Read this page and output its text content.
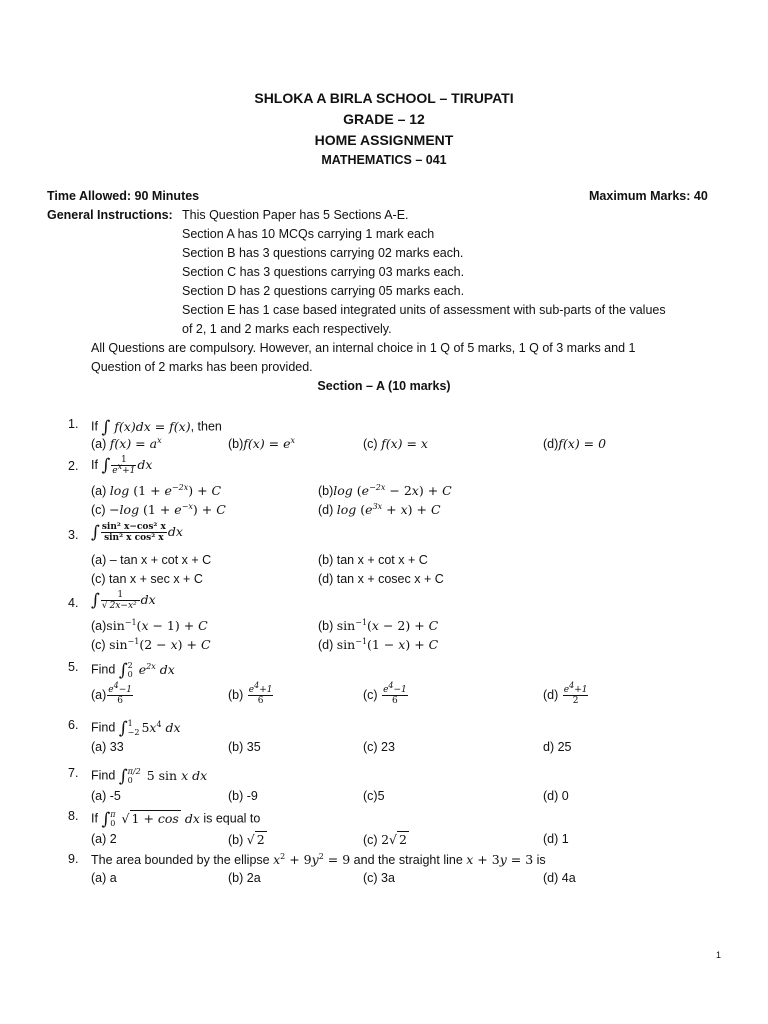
SHLOKA A BIRLA SCHOOL – TIRUPATI
GRADE – 12
HOME ASSIGNMENT
MATHEMATICS – 041
Time Allowed: 90 Minutes	Maximum Marks: 40
General Instructions: This Question Paper has 5 Sections A-E.
Section A has 10 MCQs carrying 1 mark each
Section B has 3 questions carrying 02 marks each.
Section C has 3 questions carrying 03 marks each.
Section D has 2 questions carrying 05 marks each.
Section E has 1 case based integrated units of assessment with sub-parts of the values
of 2, 1 and 2 marks each respectively.
All Questions are compulsory. However, an internal choice in 1 Q of 5 marks, 1 Q of 3 marks and 1
Question of 2 marks has been provided.
Section – A (10 marks)
1. If ∫ f(x)dx = f(x), then
(a) $f(x) = a^x$	$(b)f(x) = e^x$	(c) f(x) = x	(d)f(x) = 0
2. If ∫ $\frac{1}{e^x+1}$ dx
(a) $\log (1 + e^{-2x}) + C$	(b)log $(e^{-2x} - 2x) + C$
(c) −log $(1 + e^{-x}) + C$	(d) $\log (e^{3x} + x) + C$
3. ∫ $\frac{\text{sin² x−cos² x}}{\text{sin² x cos² x}}$ dx
(a) – tan x + cot x + C	(b) tan x + cot x + C
(c) tan x + sec x + C	(d) tan x + cosec x + C
4. ∫ $\frac{1}{\text{√ 2x−x²}}$ dx
$(a)\sin^{-1}(x - 1) + C$	(b) $\sin^{-1}(x - 2) + C$
(c) $\sin^{-1}(2 - x) + C$	(d) $\sin^{-1}(1 - x) + C$
5. Find ∫ 2
0 $e^{2x}$ dx
$(a) \frac{e^4-1}{6}$	$(b) \frac{e^4+1}{6}$	$(c) \frac{e^4-1}{6}$	$(d) \frac{e^4+1}{2}$
6. Find ∫ 1
−2 $5x^4$ dx
(a) 33	(b) 35	(c) 23	d) 25
7. Find ∫ π/2
0	5 sin x dx
(a) -5	(b) -9	(c)5	(d) 0
8. If ∫ π
0 √ 1 + cos dx is equal to
(a) 2	(b) √ 2	(c) 2√ 2	(d) 1
9. The area bounded by the ellipse $x^2 + 9y^2 = 9$ and the straight line x + 3y = 3 is
(a) a	(b) 2a	(c) 3a	(d) 4a
1
